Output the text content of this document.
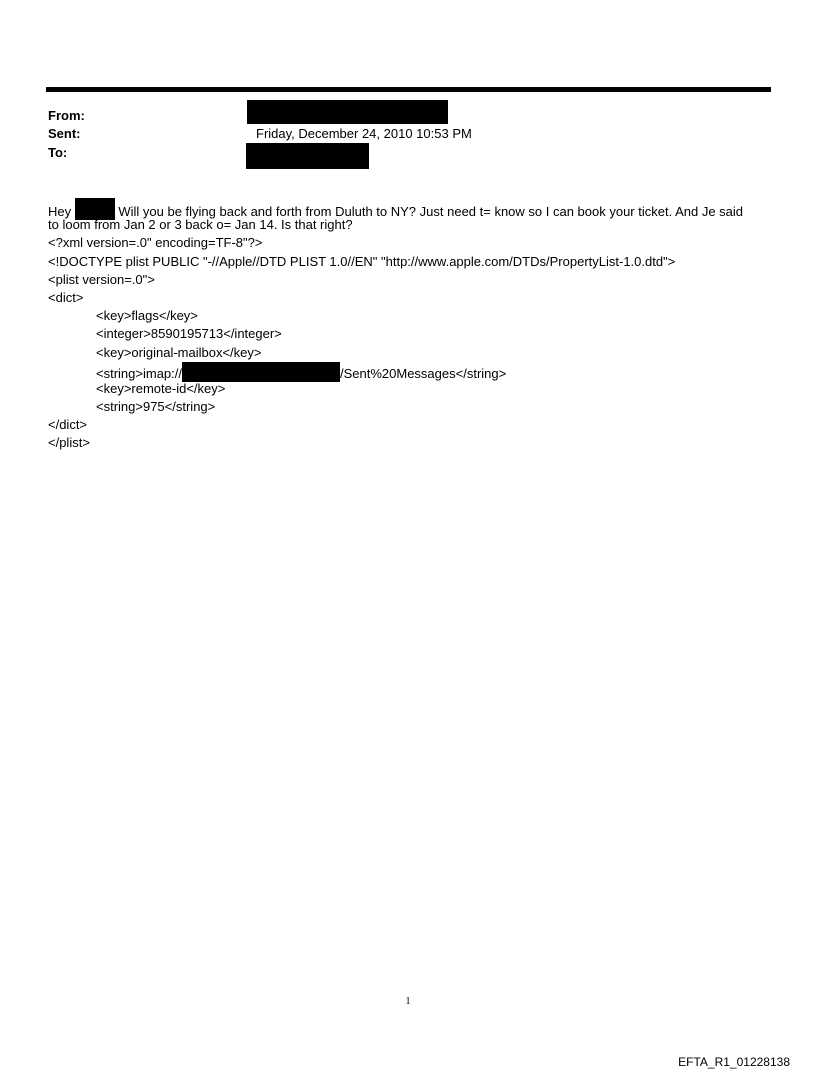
From:
Sent:	Friday, December 24, 2010 10:53 PM
To:
Hey	Will you be flying back and forth from Duluth to NY? Just need t= know so I can book your ticket. And Je said
to loom from Jan 2 or 3 back o= Jan 14. Is that right?
<?xml version=.0" encoding=TF-8"?>
<!DOCTYPE plist PUBLIC "-//Apple//DTD PLIST 1.0//EN" "http://www.apple.com/DTDs/PropertyList-1.0.dtd">
<plist version=.0">
<dict>
<key>flags</key>
<integer>8590195713</integer>
<key>original-mailbox</key>
<string>imap://	/Sent%20Messages</string>
<key>remote-id</key>
<string>975</string>
</dict>
</plist>
1
EFTA_R1_01228138
